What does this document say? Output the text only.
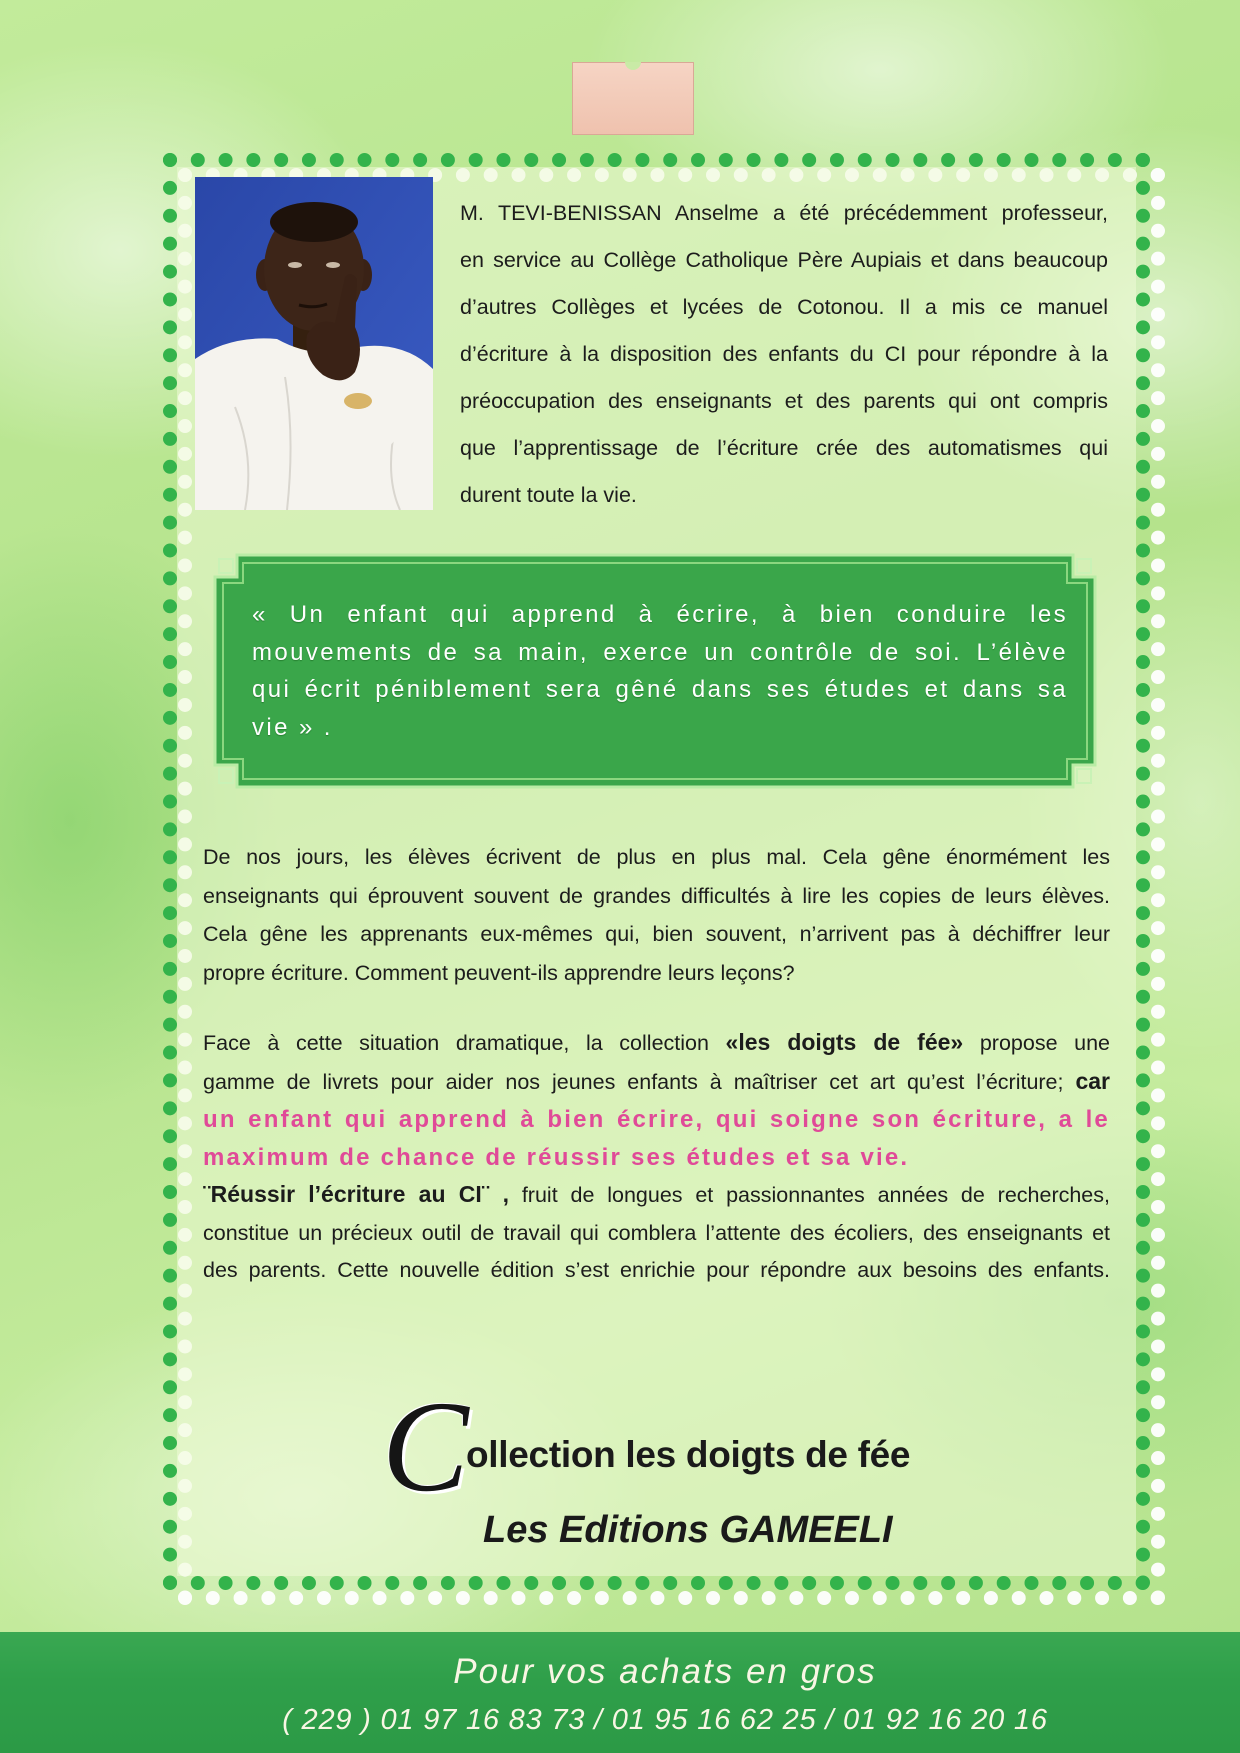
M. TEVI-BENISSAN Anselme a été précédemment professeur,
en service au Collège Catholique Père Aupiais et dans beaucoup
d’autres Collèges et lycées de Cotonou. Il a mis ce manuel
d’écriture à la disposition des enfants du CI pour répondre à la
préoccupation des enseignants et des parents qui ont compris
que l’apprentissage de l’écriture crée des automatismes qui
durent toute la vie.
« Un enfant qui apprend à écrire, à bien conduire les
mouvements de sa main, exerce un contrôle de soi. L’élève
qui écrit péniblement sera gêné dans ses études et dans sa
vie » .
De nos jours, les élèves écrivent de plus en plus mal. Cela gêne énormément les
enseignants qui éprouvent souvent de grandes difficultés à lire les copies de leurs élèves.
Cela gêne les apprenants eux-mêmes qui, bien souvent, n’arrivent pas à déchiffrer leur
propre écriture. Comment peuvent-ils apprendre leurs leçons?
Face à cette situation dramatique, la collection «les doigts de fée» propose une
gamme de livrets pour aider nos jeunes enfants à maîtriser cet art qu’est l’écriture; car
un enfant qui apprend à bien écrire, qui soigne son écriture, a le
maximum de chance de réussir ses études et sa vie.
¨Réussir l’écriture au CI¨ , fruit de longues et passionnantes années de recherches,
constitue un précieux outil de travail qui comblera l’attente des écoliers, des enseignants et
des parents. Cette nouvelle édition s’est enrichie pour répondre aux besoins des enfants.
C
ollection les doigts de fée
Les Editions GAMEELI
Pour vos achats en gros
( 229 ) 01 97 16 83 73 / 01 95 16 62 25 / 01 92 16 20 16
